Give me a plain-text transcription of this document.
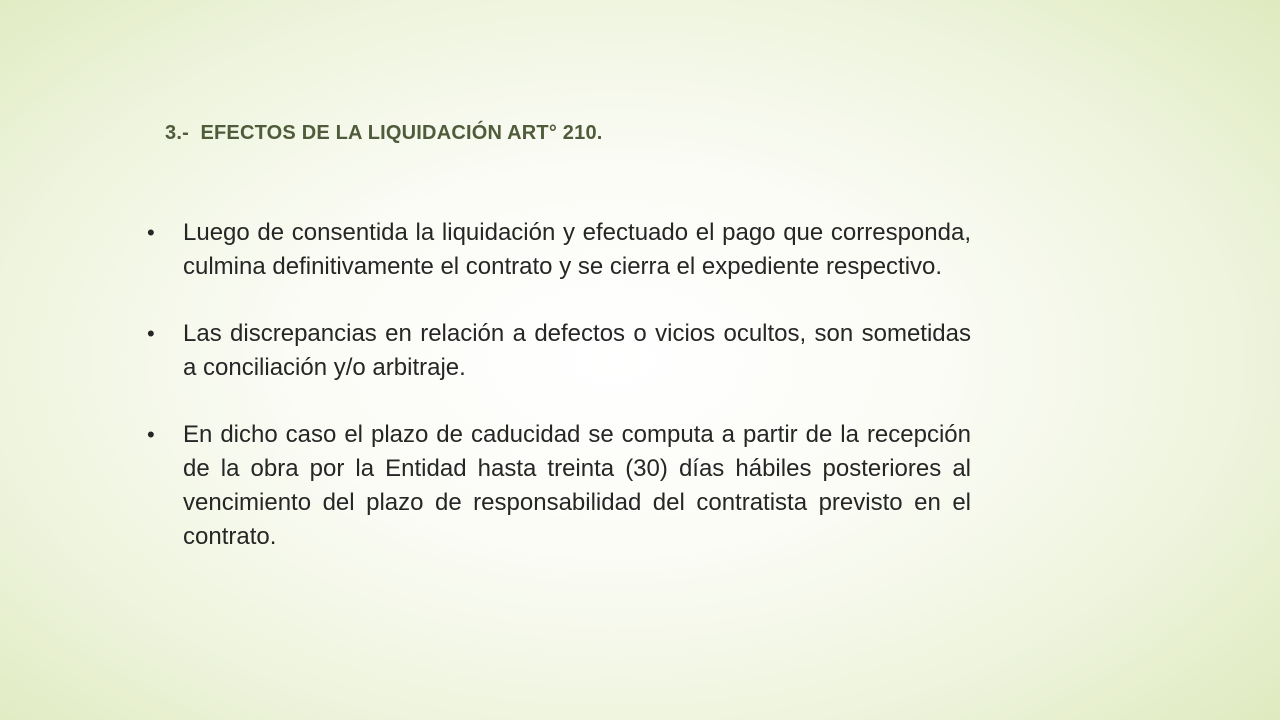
3.-  EFECTOS DE LA LIQUIDACIÓN ART° 210.
• Luego de consentida la liquidación y efectuado el pago que corresponda, culmina definitivamente el contrato y se cierra el expediente respectivo.
• Las discrepancias en relación a defectos o vicios ocultos, son sometidas a conciliación y/o arbitraje.
• En dicho caso el plazo de caducidad se computa a partir de la recepción de la obra por la Entidad hasta treinta (30) días hábiles posteriores al vencimiento del plazo de responsabilidad del contratista previsto en el contrato.
